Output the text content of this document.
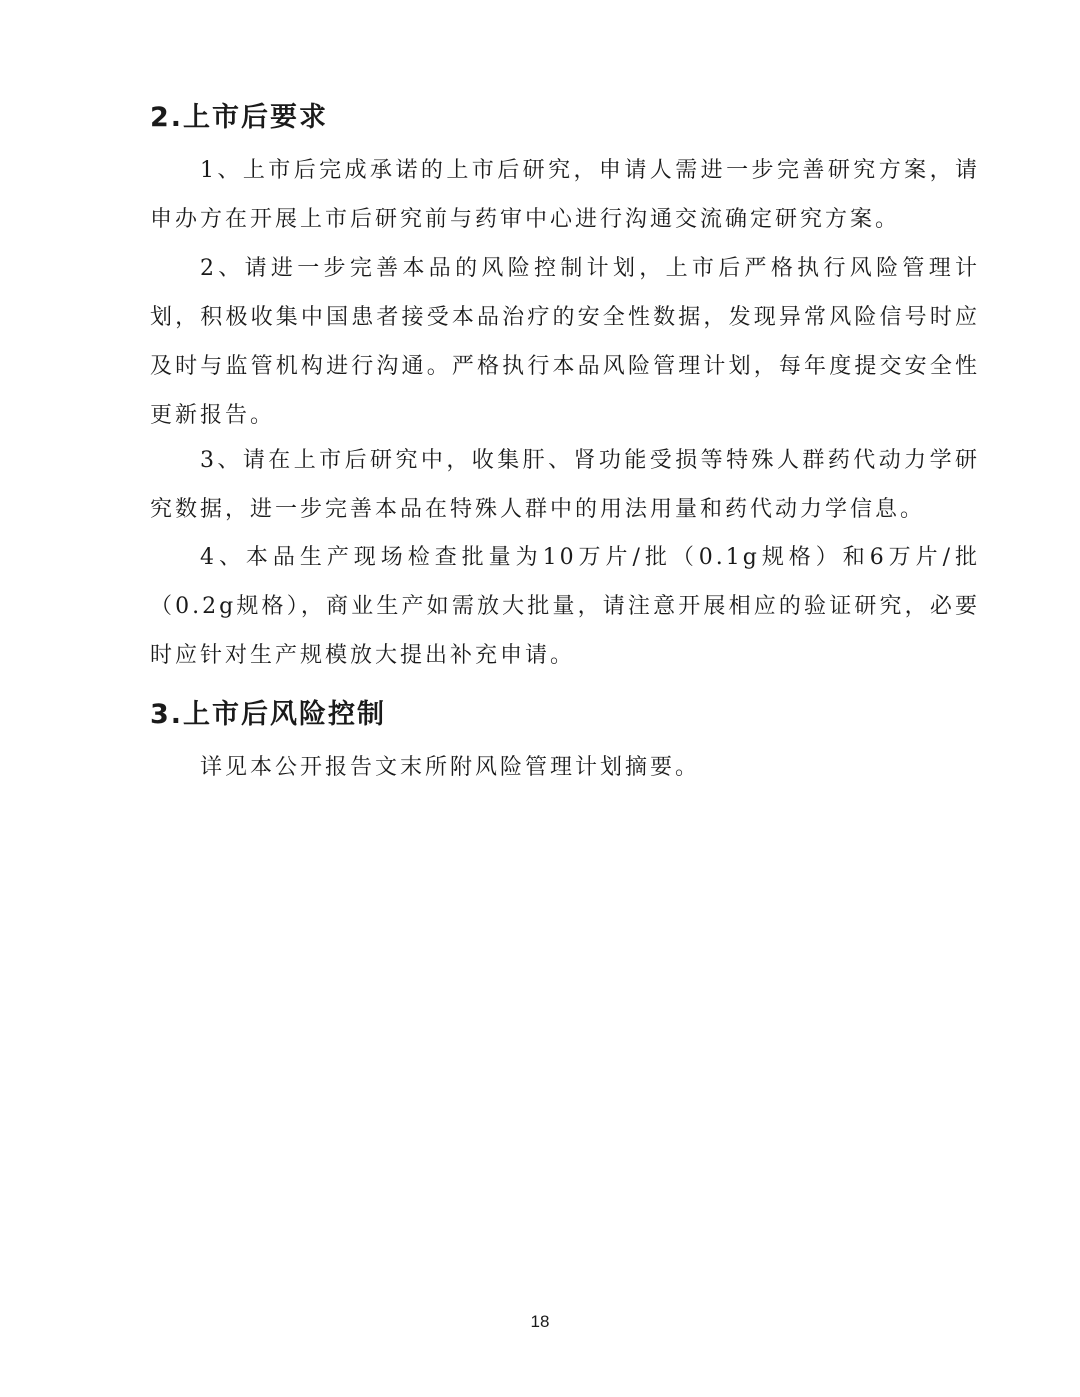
2.上市后要求

1、上市后完成承诺的上市后研究，申请人需进一步完善研究方案，请申办方在开展上市后研究前与药审中心进行沟通交流确定研究方案。

2、请进一步完善本品的风险控制计划，上市后严格执行风险管理计划，积极收集中国患者接受本品治疗的安全性数据，发现异常风险信号时应及时与监管机构进行沟通。严格执行本品风险管理计划，每年度提交安全性更新报告。

3、请在上市后研究中，收集肝、肾功能受损等特殊人群药代动力学研究数据，进一步完善本品在特殊人群中的用法用量和药代动力学信息。

4、本品生产现场检查批量为10万片/批（0.1g规格）和6万片/批（0.2g规格），商业生产如需放大批量，请注意开展相应的验证研究，必要时应针对生产规模放大提出补充申请。

3.上市后风险控制

详见本公开报告文末所附风险管理计划摘要。

18
